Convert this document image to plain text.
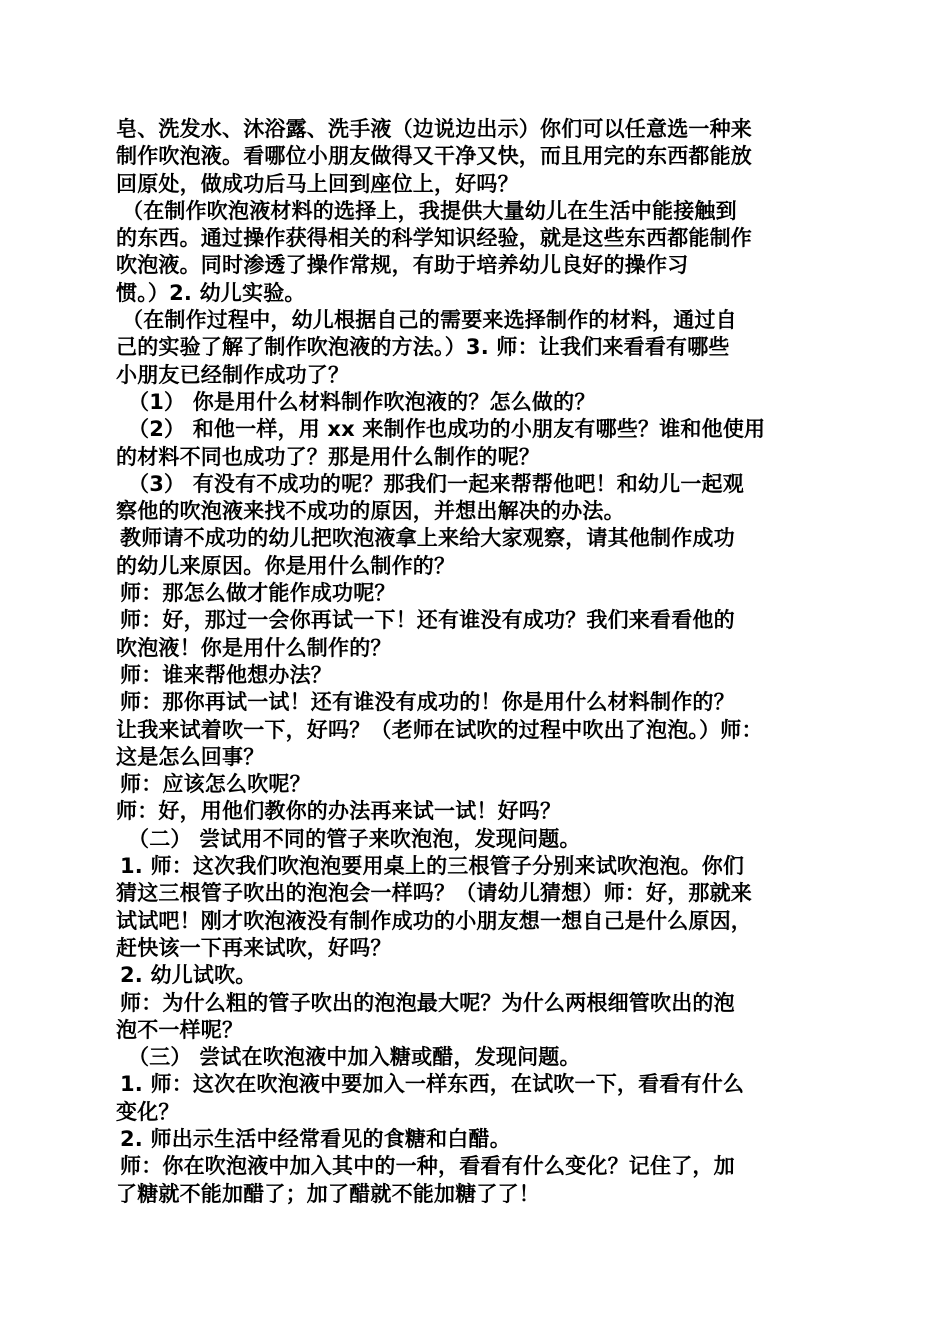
皂、洗发水、沐浴露、洗手液（边说边出示）你们可以任意选一种来
制作吹泡液。看哪位小朋友做得又干净又快，而且用完的东西都能放
回原处，做成功后马上回到座位上，好吗？
（在制作吹泡液材料的选择上，我提供大量幼儿在生活中能接触到
的东西。通过操作获得相关的科学知识经验，就是这些东西都能制作
吹泡液。同时渗透了操作常规，有助于培养幼儿良好的操作习
惯。）2. 幼儿实验。
（在制作过程中，幼儿根据自己的需要来选择制作的材料，通过自
己的实验了解了制作吹泡液的方法。）3. 师：让我们来看看有哪些
小朋友已经制作成功了？
（1） 你是用什么材料制作吹泡液的？怎么做的？
（2） 和他一样，用 xx 来制作也成功的小朋友有哪些？谁和他使用
的材料不同也成功了？那是用什么制作的呢？
（3） 有没有不成功的呢？那我们一起来帮帮他吧！和幼儿一起观
察他的吹泡液来找不成功的原因，并想出解决的办法。
教师请不成功的幼儿把吹泡液拿上来给大家观察，请其他制作成功
的幼儿来原因。你是用什么制作的？
师：那怎么做才能作成功呢？
师：好，那过一会你再试一下！还有谁没有成功？我们来看看他的
吹泡液！你是用什么制作的？
师：谁来帮他想办法？
师：那你再试一试！还有谁没有成功的！你是用什么材料制作的？
让我来试着吹一下，好吗？（老师在试吹的过程中吹出了泡泡。）师：
这是怎么回事？
师：应该怎么吹呢？
师：好，用他们教你的办法再来试一试！好吗？
（二） 尝试用不同的管子来吹泡泡，发现问题。
1. 师：这次我们吹泡泡要用桌上的三根管子分别来试吹泡泡。你们
猜这三根管子吹出的泡泡会一样吗？（请幼儿猜想）师：好，那就来
试试吧！刚才吹泡液没有制作成功的小朋友想一想自己是什么原因，
赶快该一下再来试吹，好吗？
2. 幼儿试吹。
师：为什么粗的管子吹出的泡泡最大呢？为什么两根细管吹出的泡
泡不一样呢？
（三） 尝试在吹泡液中加入糖或醋，发现问题。
1. 师：这次在吹泡液中要加入一样东西，在试吹一下，看看有什么
变化？
2. 师出示生活中经常看见的食糖和白醋。
师：你在吹泡液中加入其中的一种，看看有什么变化？记住了，加
了糖就不能加醋了；加了醋就不能加糖了了！
